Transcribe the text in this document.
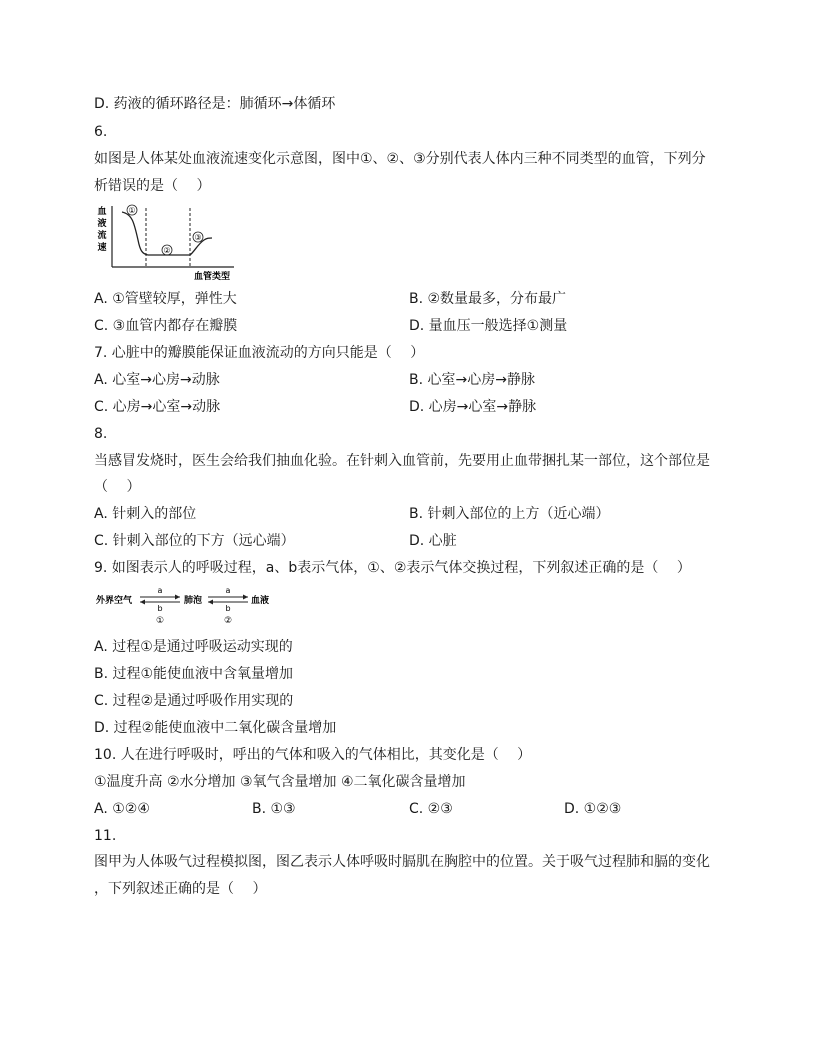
D. 药液的循环路径是：肺循环→体循环
6.
如图是人体某处血液流速变化示意图，图中①、②、③分别代表人体内三种不同类型的血管，下列分
析错误的是（　 ）
血
液
流
速
①
②
③
血管类型
A. ①管壁较厚，弹性大	B. ②数量最多，分布最广
C. ③血管内都存在瓣膜	D. 量血压一般选择①测量
7. 心脏中的瓣膜能保证血液流动的方向只能是（　 ）
A. 心室→心房→动脉	B. 心室→心房→静脉
C. 心房→心室→动脉	D. 心房→心室→静脉
8.
当感冒发烧时，医生会给我们抽血化验。在针刺入血管前，先要用止血带捆扎某一部位，这个部位是
（　 ）
A. 针刺入的部位	B. 针刺入部位的上方（近心端）
C. 针刺入部位的下方（远心端）	D. 心脏
9. 如图表示人的呼吸过程，a、b表示气体，①、②表示气体交换过程，下列叙述正确的是（　 ）
外界空气
a
b
①
肺泡
a
b
②
血液
A. 过程①是通过呼吸运动实现的
B. 过程①能使血液中含氧量增加
C. 过程②是通过呼吸作用实现的
D. 过程②能使血液中二氧化碳含量增加
10. 人在进行呼吸时，呼出的气体和吸入的气体相比，其变化是（　 ）
①温度升高 ②水分增加 ③氧气含量增加 ④二氧化碳含量增加
A. ①②④	B. ①③	C. ②③	D. ①②③
11.
图甲为人体吸气过程模拟图，图乙表示人体呼吸时膈肌在胸腔中的位置。关于吸气过程肺和膈的变化
，下列叙述正确的是（　 ）
